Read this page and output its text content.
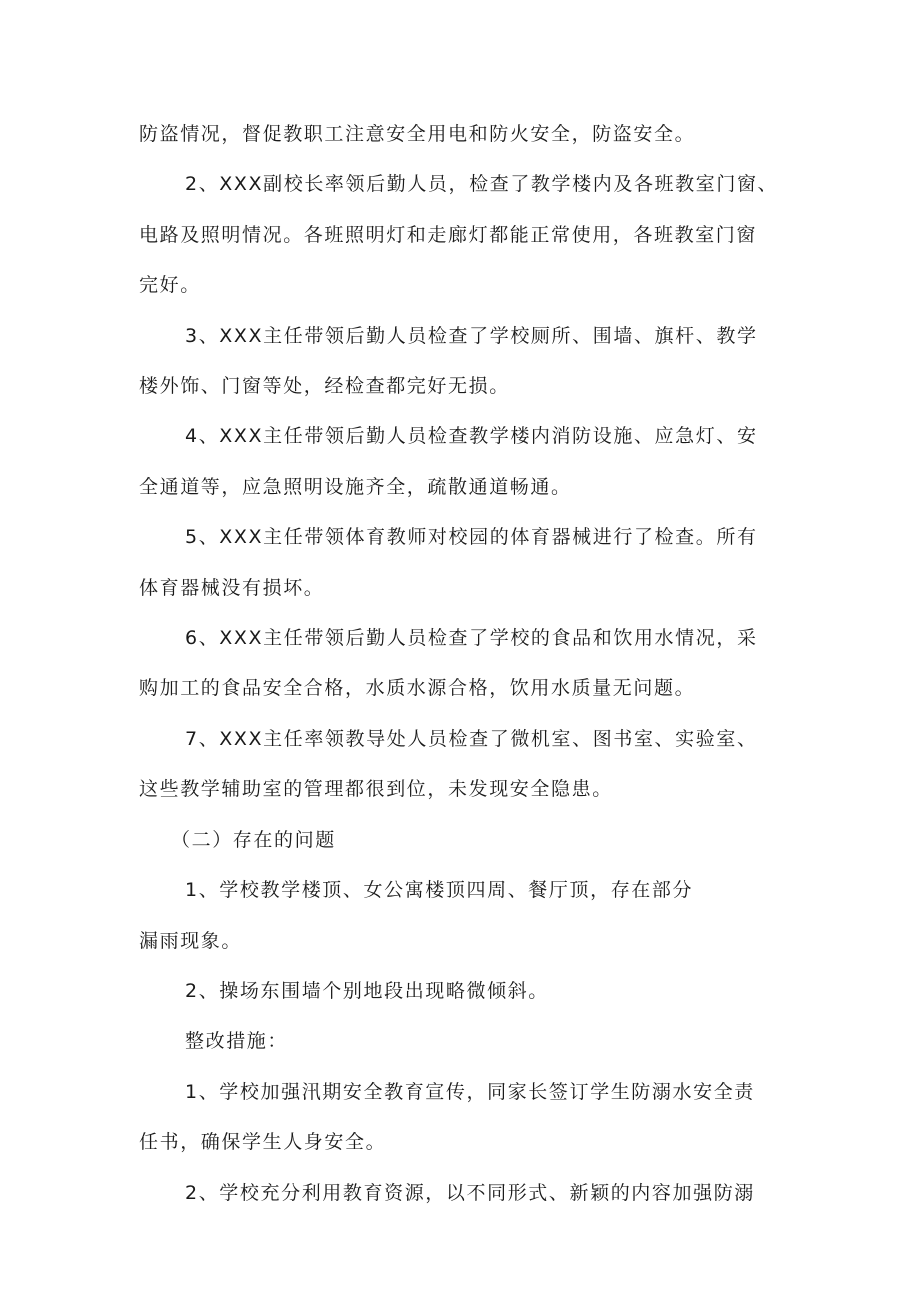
防盗情况，督促教职工注意安全用电和防火安全，防盗安全。
2、XXX副校长率领后勤人员，检查了教学楼内及各班教室门窗、
电路及照明情况。各班照明灯和走廊灯都能正常使用，各班教室门窗
完好。
3、XXX主任带领后勤人员检查了学校厕所、围墙、旗杆、教学
楼外饰、门窗等处，经检查都完好无损。
4、XXX主任带领后勤人员检查教学楼内消防设施、应急灯、安
全通道等，应急照明设施齐全，疏散通道畅通。
5、XXX主任带领体育教师对校园的体育器械进行了检查。所有
体育器械没有损坏。
6、XXX主任带领后勤人员检查了学校的食品和饮用水情况，采
购加工的食品安全合格，水质水源合格，饮用水质量无问题。
7、XXX主任率领教导处人员检查了微机室、图书室、实验室、
这些教学辅助室的管理都很到位，未发现安全隐患。
（二）存在的问题
1、学校教学楼顶、女公寓楼顶四周、餐厅顶，存在部分
漏雨现象。
2、操场东围墙个别地段出现略微倾斜。
整改措施：
1、学校加强汛期安全教育宣传，同家长签订学生防溺水安全责
任书，确保学生人身安全。
2、学校充分利用教育资源，以不同形式、新颖的内容加强防溺
